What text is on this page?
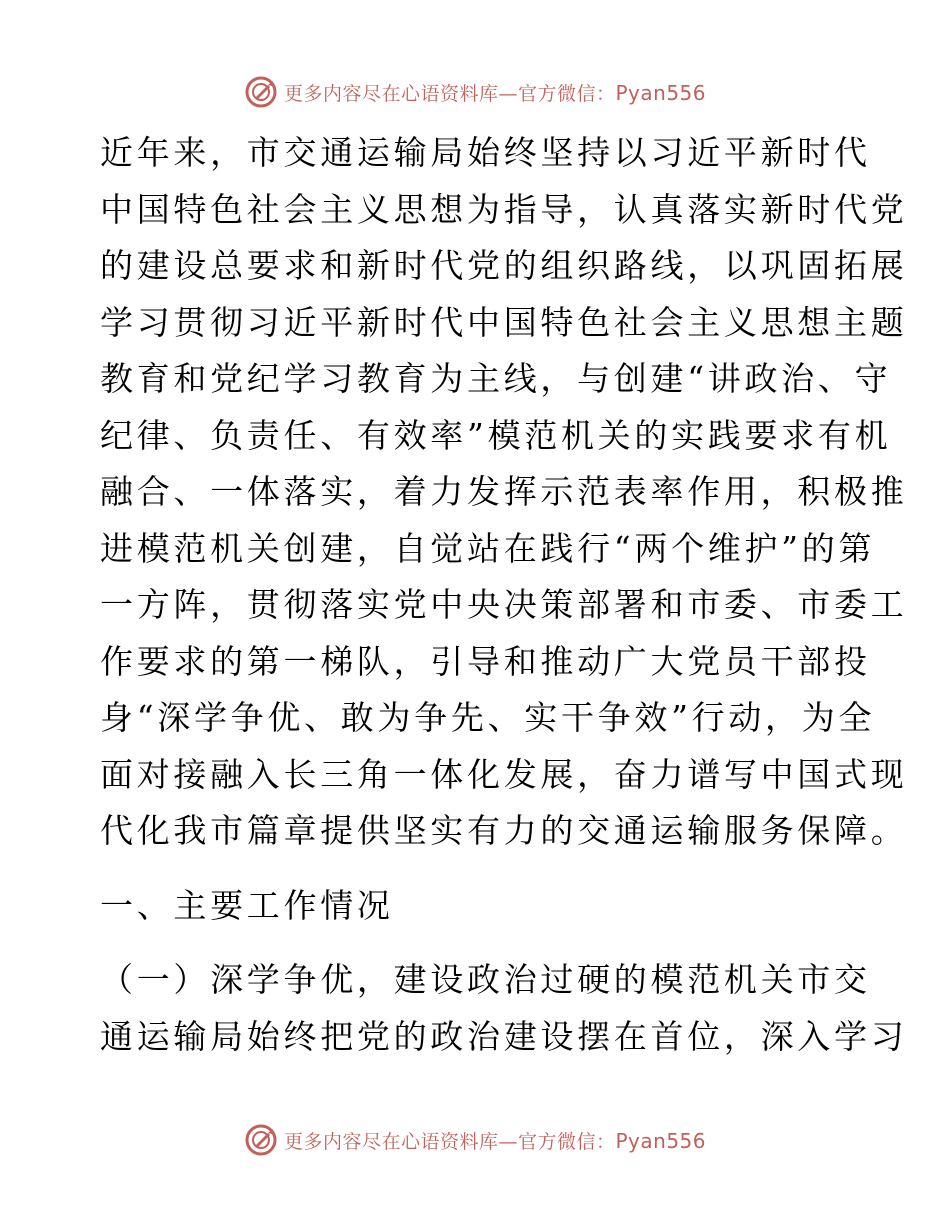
更多内容尽在心语资料库—官方微信：Pyan556
近年来，市交通运输局始终坚持以习近平新时代
中国特色社会主义思想为指导，认真落实新时代党
的建设总要求和新时代党的组织路线，以巩固拓展
学习贯彻习近平新时代中国特色社会主义思想主题
教育和党纪学习教育为主线，与创建“讲政治、守
纪律、负责任、有效率”模范机关的实践要求有机
融合、一体落实，着力发挥示范表率作用，积极推
进模范机关创建，自觉站在践行“两个维护”的第
一方阵，贯彻落实党中央决策部署和市委、市委工
作要求的第一梯队，引导和推动广大党员干部投
身“深学争优、敢为争先、实干争效”行动，为全
面对接融入长三角一体化发展，奋力谱写中国式现
代化我市篇章提供坚实有力的交通运输服务保障。
一、主要工作情况
（一）深学争优，建设政治过硬的模范机关市交
通运输局始终把党的政治建设摆在首位，深入学习
更多内容尽在心语资料库—官方微信：Pyan556
